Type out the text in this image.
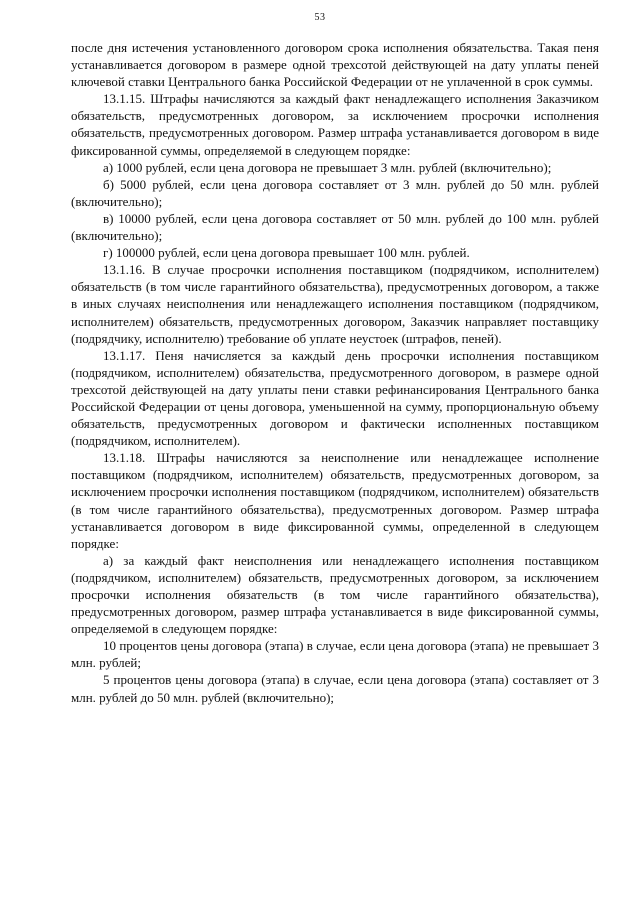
53

после дня истечения установленного договором срока исполнения обязательства. Такая пеня устанавливается договором в размере одной трехсотой действующей на дату уплаты пеней ключевой ставки Центрального банка Российской Федерации от не уплаченной в срок суммы.

13.1.15. Штрафы начисляются за каждый факт ненадлежащего исполнения Заказчиком обязательств, предусмотренных договором, за исключением просрочки исполнения обязательств, предусмотренных договором. Размер штрафа устанавливается договором в виде фиксированной суммы, определяемой в следующем порядке:

а) 1000 рублей, если цена договора не превышает 3 млн. рублей (включительно);

б) 5000 рублей, если цена договора составляет от 3 млн. рублей до 50 млн. рублей (включительно);

в) 10000 рублей, если цена договора составляет от 50 млн. рублей до 100 млн. рублей (включительно);

г) 100000 рублей, если цена договора превышает 100 млн. рублей.

13.1.16. В случае просрочки исполнения поставщиком (подрядчиком, исполнителем) обязательств (в том числе гарантийного обязательства), предусмотренных договором, а также в иных случаях неисполнения или ненадлежащего исполнения поставщиком (подрядчиком, исполнителем) обязательств, предусмотренных договором, Заказчик направляет поставщику (подрядчику, исполнителю) требование об уплате неустоек (штрафов, пеней).

13.1.17. Пеня начисляется за каждый день просрочки исполнения поставщиком (подрядчиком, исполнителем) обязательства, предусмотренного договором, в размере одной трехсотой действующей на дату уплаты пени ставки рефинансирования Центрального банка Российской Федерации от цены договора, уменьшенной на сумму, пропорциональную объему обязательств, предусмотренных договором и фактически исполненных поставщиком (подрядчиком, исполнителем).

13.1.18. Штрафы начисляются за неисполнение или ненадлежащее исполнение поставщиком (подрядчиком, исполнителем) обязательств, предусмотренных договором, за исключением просрочки исполнения поставщиком (подрядчиком, исполнителем) обязательств (в том числе гарантийного обязательства), предусмотренных договором. Размер штрафа устанавливается договором в виде фиксированной суммы, определенной в следующем порядке:

а) за каждый факт неисполнения или ненадлежащего исполнения поставщиком (подрядчиком, исполнителем) обязательств, предусмотренных договором, за исключением просрочки исполнения обязательств (в том числе гарантийного обязательства), предусмотренных договором, размер штрафа устанавливается в виде фиксированной суммы, определяемой в следующем порядке:

10 процентов цены договора (этапа) в случае, если цена договора (этапа) не превышает 3 млн. рублей;

5 процентов цены договора (этапа) в случае, если цена договора (этапа) составляет от 3 млн. рублей до 50 млн. рублей (включительно);
